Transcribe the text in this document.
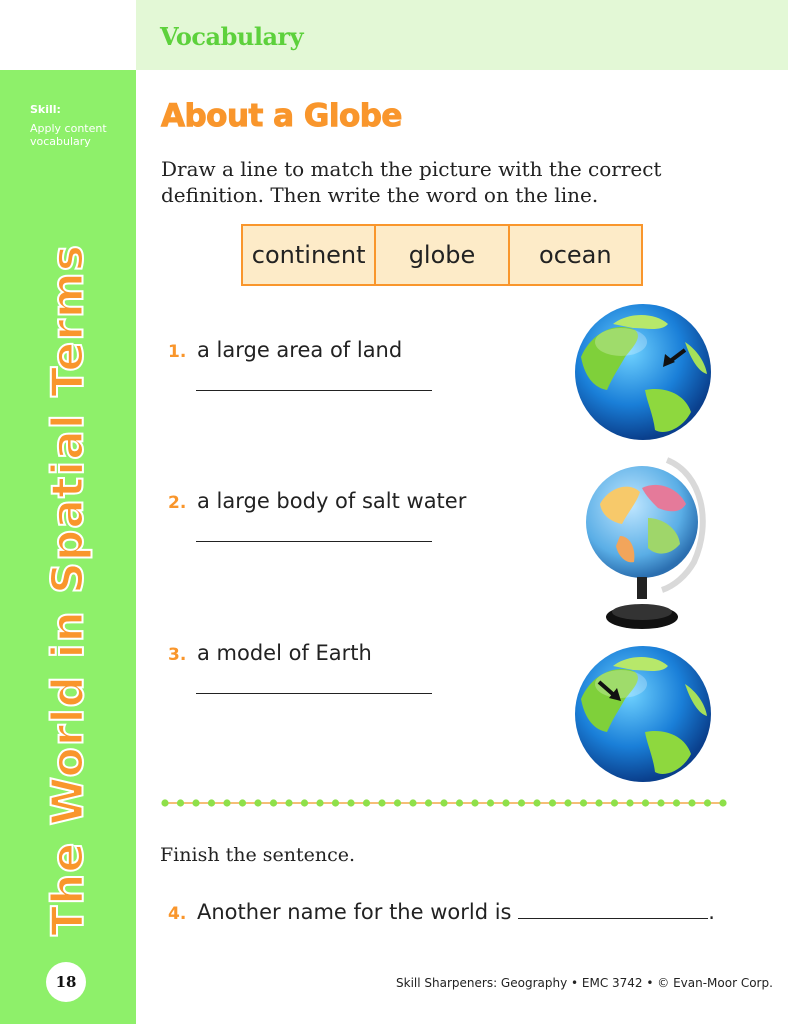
Vocabulary
Skill:
Apply content vocabulary
The World in Spatial Terms
18
About a Globe
Draw a line to match the picture with the correct definition. Then write the word on the line.
continent	globe	ocean
1. a large area of land
2. a large body of salt water
3. a model of Earth
Finish the sentence.
4. Another name for the world is	.
Skill Sharpeners: Geography • EMC 3742 • © Evan-Moor Corp.
